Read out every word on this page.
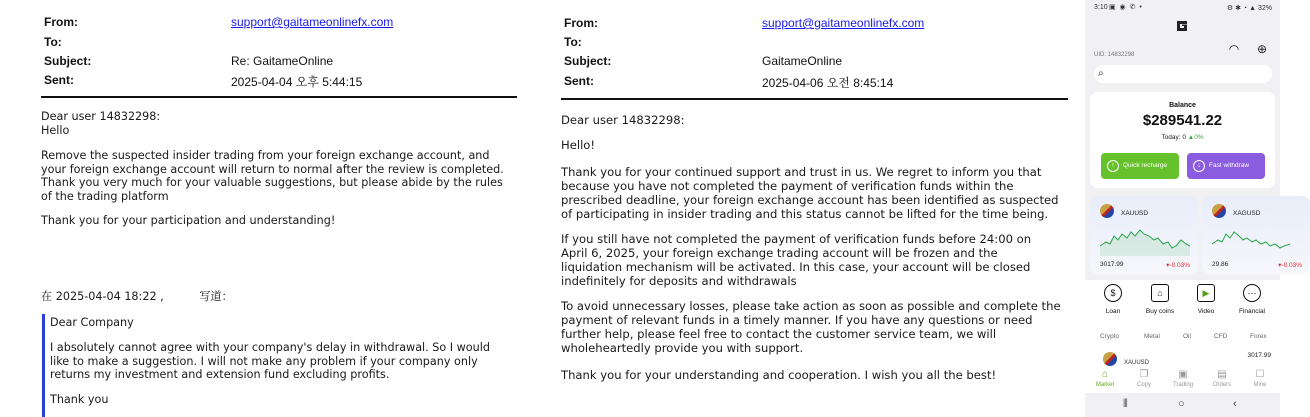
From:	support@gaitameonlinefx.com
To:
Subject:	Re: GaitameOnline
Sent:	2025-04-04 오후 5:44:15
Dear user 14832298:
Hello
Remove the suspected insider trading from your foreign exchange account, and
your foreign exchange account will return to normal after the review is completed.
Thank you very much for your valuable suggestions, but please abide by the rules
of the trading platform
Thank you for your participation and understanding!
在 2025-04-04 18:22 ,          写道：
Dear Company
I absolutely cannot agree with your company's delay in withdrawal. So I would
like to make a suggestion. I will not make any problem if your company only
returns my investment and extension fund excluding profits.
Thank you
From:	support@gaitameonlinefx.com
To:
Subject:	GaitameOnline
Sent:	2025-04-06 오전 8:45:14
Dear user 14832298:
Hello!
Thank you for your continued support and trust in us. We regret to inform you that
because you have not completed the payment of verification funds within the
prescribed deadline, your foreign exchange account has been identified as suspected
of participating in insider trading and this status cannot be lifted for the time being.
If you still have not completed the payment of verification funds before 24:00 on
April 6, 2025, your foreign exchange trading account will be frozen and the
liquidation mechanism will be activated. In this case, your account will be closed
indefinitely for deposits and withdrawals
To avoid unnecessary losses, please take action as soon as possible and complete the
payment of relevant funds in a timely manner. If you have any questions or need
further help, please feel free to contact the customer service team, we will
wholeheartedly provide you with support.
Thank you for your understanding and cooperation. I wish you all the best!
3:10 ▣ ◉ ✆ •	⚙ ✱ ◔ ▲ 32%
UID: 14832298	◠ ⊕
⌕
Balance
$289541.22
Today: 0 ▲0%
↑	Quick recharge	↓	Fast withdraw
XAUUSD
3017.99	▾-0.03%
XAGUSD
29.86	▾-0.03%
$
Loan
⌂
Buy coins
▶
Video
⋯
Financial
Crypto	Metal	Oil	CFD	Forex
XAUUSD
3017.99
⌂
Market
❐
Copy
▣
Trading
▤
Orders
☐
Mine
⦀	○	‹
